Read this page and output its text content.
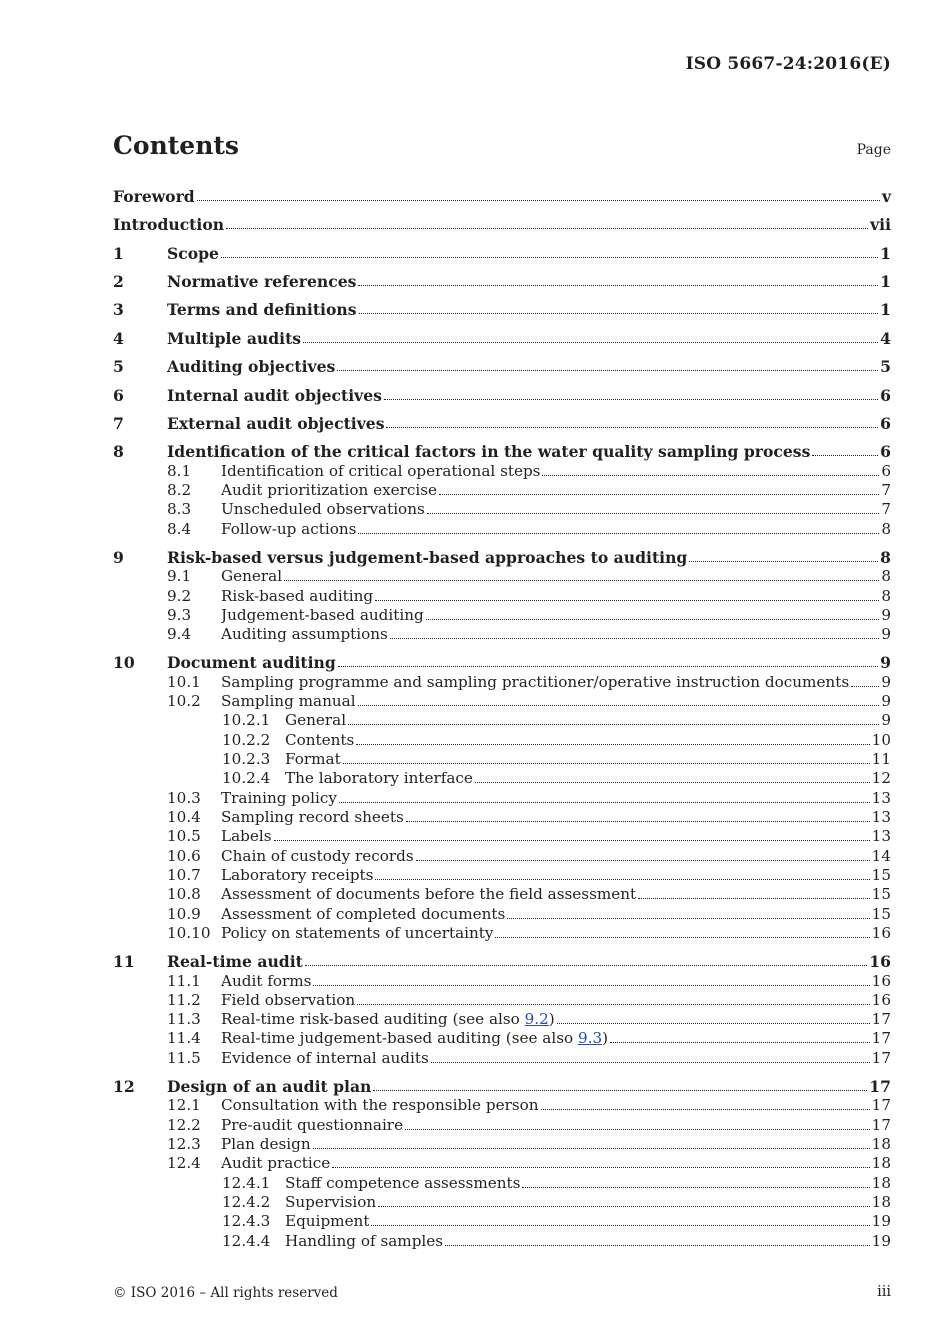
ISO 5667-24:2016(E)
Contents	Page
Foreword	v
Introduction	vii
1	Scope	1
2	Normative references	1
3	Terms and definitions	1
4	Multiple audits	4
5	Auditing objectives	5
6	Internal audit objectives	6
7	External audit objectives	6
8	Identification of the critical factors in the water quality sampling process	6
8.1	Identification of critical operational steps	6
8.2	Audit prioritization exercise	7
8.3	Unscheduled observations	7
8.4	Follow-up actions	8
9	Risk-based versus judgement-based approaches to auditing	8
9.1	General	8
9.2	Risk-based auditing	8
9.3	Judgement-based auditing	9
9.4	Auditing assumptions	9
10	Document auditing	9
10.1	Sampling programme and sampling practitioner/operative instruction documents 9
10.2	Sampling manual	9
10.2.1 General	9
10.2.2 Contents	10
10.2.3 Format	11
10.2.4 The laboratory interface	12
10.3	Training policy	13
10.4	Sampling record sheets	13
10.5	Labels	13
10.6	Chain of custody records	14
10.7	Laboratory receipts	15
10.8	Assessment of documents before the field assessment	15
10.9	Assessment of completed documents	15
10.10 Policy on statements of uncertainty	16
11	Real-time audit	16
11.1	Audit forms	16
11.2	Field observation	16
11.3	Real-time risk-based auditing (see also 9.2)	17
11.4	Real-time judgement-based auditing (see also 9.3)	17
11.5	Evidence of internal audits	17
12	Design of an audit plan	17
12.1	Consultation with the responsible person	17
12.2	Pre-audit questionnaire	17
12.3	Plan design	18
12.4	Audit practice	18
12.4.1 Staff competence assessments	18
12.4.2 Supervision	18
12.4.3 Equipment	19
12.4.4 Handling of samples	19
© ISO 2016 – All rights reserved	iii
